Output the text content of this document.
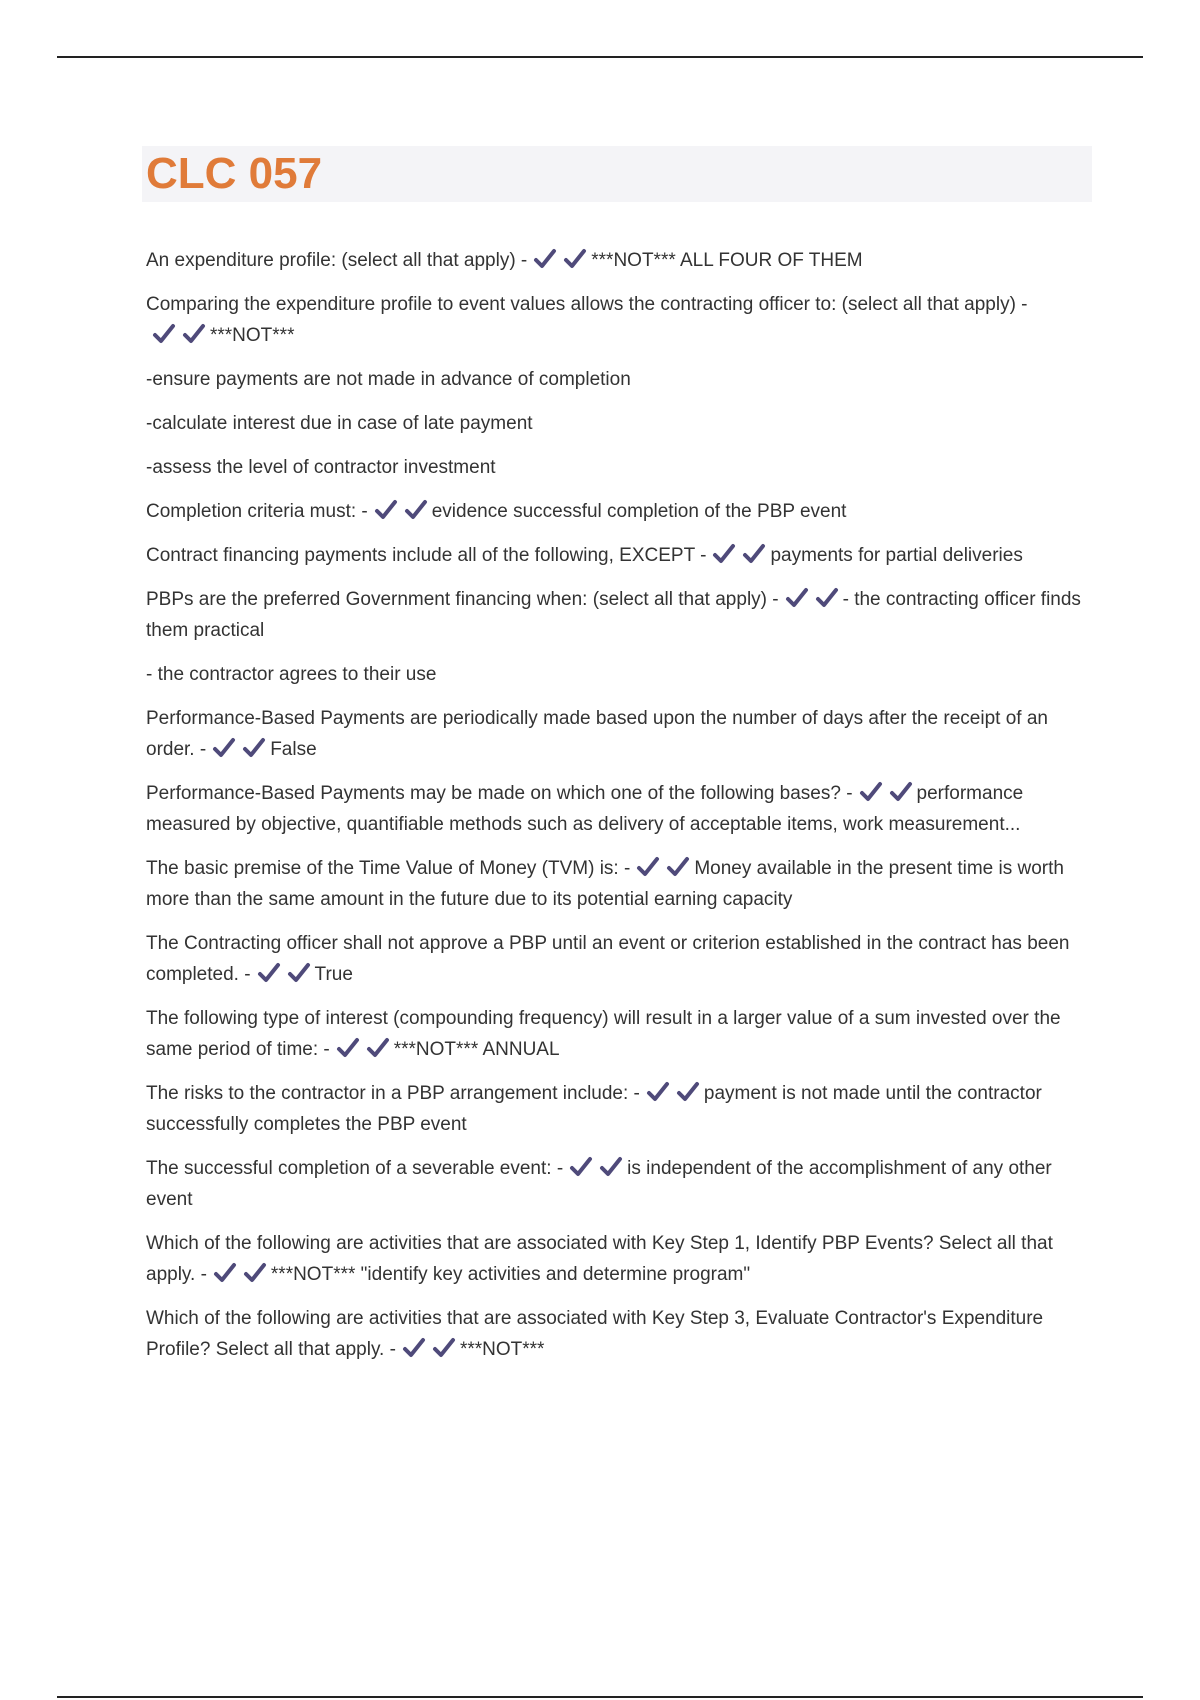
CLC 057

An expenditure profile: (select all that apply) -	***NOT*** ALL FOUR OF THEM

Comparing the expenditure profile to event values allows the contracting officer to: (select all that apply) -
***NOT***

-ensure payments are not made in advance of completion

-calculate interest due in case of late payment

-assess the level of contractor investment

Completion criteria must: -	evidence successful completion of the PBP event

Contract financing payments include all of the following, EXCEPT -	payments for partial deliveries

PBPs are the preferred Government financing when: (select all that apply) -	- the contracting officer finds them practical

- the contractor agrees to their use

Performance-Based Payments are periodically made based upon the number of days after the receipt of an order. -	False

Performance-Based Payments may be made on which one of the following bases? -	performance measured by objective, quantifiable methods such as delivery of acceptable items, work measurement...

The basic premise of the Time Value of Money (TVM) is: -	Money available in the present time is worth more than the same amount in the future due to its potential earning capacity

The Contracting officer shall not approve a PBP until an event or criterion established in the contract has been completed. -	True

The following type of interest (compounding frequency) will result in a larger value of a sum invested over the same period of time: -	***NOT*** ANNUAL

The risks to the contractor in a PBP arrangement include: -	payment is not made until the contractor successfully completes the PBP event

The successful completion of a severable event: -	is independent of the accomplishment of any other event

Which of the following are activities that are associated with Key Step 1, Identify PBP Events? Select all that apply. -	***NOT*** "identify key activities and determine program"

Which of the following are activities that are associated with Key Step 3, Evaluate Contractor's Expenditure Profile? Select all that apply. -	***NOT***
